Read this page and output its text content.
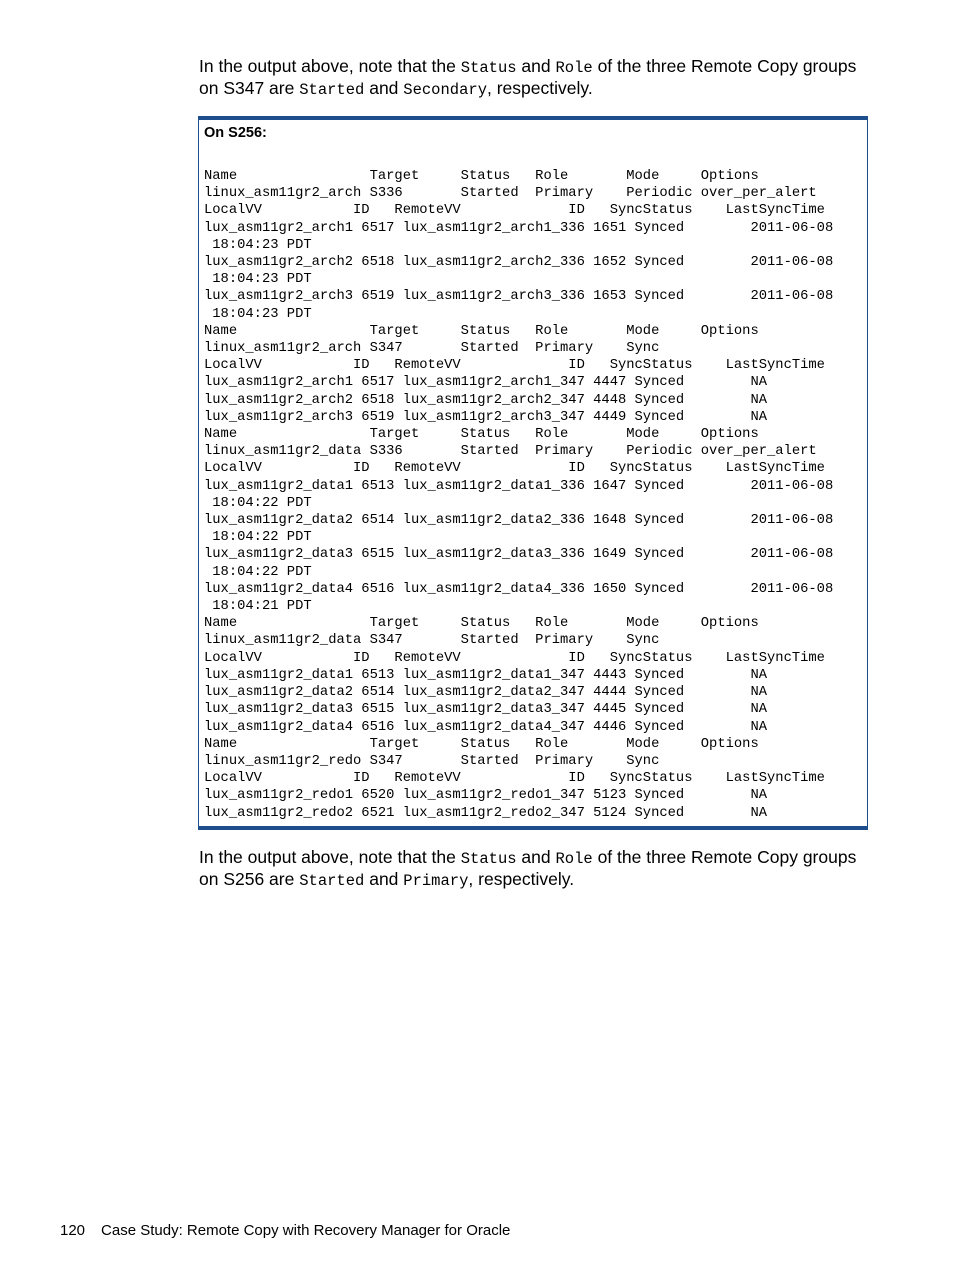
In the output above, note that the Status and Role of the three Remote Copy groups on S347 are Started and Secondary, respectively.

On S256:
Name                Target     Status   Role       Mode     Options
linux_asm11gr2_arch S336       Started  Primary    Periodic over_per_alert
LocalVV           ID   RemoteVV             ID   SyncStatus    LastSyncTime
lux_asm11gr2_arch1 6517 lux_asm11gr2_arch1_336 1651 Synced        2011-06-08
18:04:23 PDT
lux_asm11gr2_arch2 6518 lux_asm11gr2_arch2_336 1652 Synced        2011-06-08
18:04:23 PDT
lux_asm11gr2_arch3 6519 lux_asm11gr2_arch3_336 1653 Synced        2011-06-08
18:04:23 PDT
Name                Target     Status   Role       Mode     Options
linux_asm11gr2_arch S347       Started  Primary    Sync
LocalVV           ID   RemoteVV             ID   SyncStatus    LastSyncTime
lux_asm11gr2_arch1 6517 lux_asm11gr2_arch1_347 4447 Synced        NA
lux_asm11gr2_arch2 6518 lux_asm11gr2_arch2_347 4448 Synced        NA
lux_asm11gr2_arch3 6519 lux_asm11gr2_arch3_347 4449 Synced        NA
Name                Target     Status   Role       Mode     Options
linux_asm11gr2_data S336       Started  Primary    Periodic over_per_alert
LocalVV           ID   RemoteVV             ID   SyncStatus    LastSyncTime
lux_asm11gr2_data1 6513 lux_asm11gr2_data1_336 1647 Synced        2011-06-08
18:04:22 PDT
lux_asm11gr2_data2 6514 lux_asm11gr2_data2_336 1648 Synced        2011-06-08
18:04:22 PDT
lux_asm11gr2_data3 6515 lux_asm11gr2_data3_336 1649 Synced        2011-06-08
18:04:22 PDT
lux_asm11gr2_data4 6516 lux_asm11gr2_data4_336 1650 Synced        2011-06-08
18:04:21 PDT
Name                Target     Status   Role       Mode     Options
linux_asm11gr2_data S347       Started  Primary    Sync
LocalVV           ID   RemoteVV             ID   SyncStatus    LastSyncTime
lux_asm11gr2_data1 6513 lux_asm11gr2_data1_347 4443 Synced        NA
lux_asm11gr2_data2 6514 lux_asm11gr2_data2_347 4444 Synced        NA
lux_asm11gr2_data3 6515 lux_asm11gr2_data3_347 4445 Synced        NA
lux_asm11gr2_data4 6516 lux_asm11gr2_data4_347 4446 Synced        NA
Name                Target     Status   Role       Mode     Options
linux_asm11gr2_redo S347       Started  Primary    Sync
LocalVV           ID   RemoteVV             ID   SyncStatus    LastSyncTime
lux_asm11gr2_redo1 6520 lux_asm11gr2_redo1_347 5123 Synced        NA
lux_asm11gr2_redo2 6521 lux_asm11gr2_redo2_347 5124 Synced        NA

In the output above, note that the Status and Role of the three Remote Copy groups on S256 are Started and Primary, respectively.

120 Case Study: Remote Copy with Recovery Manager for Oracle
